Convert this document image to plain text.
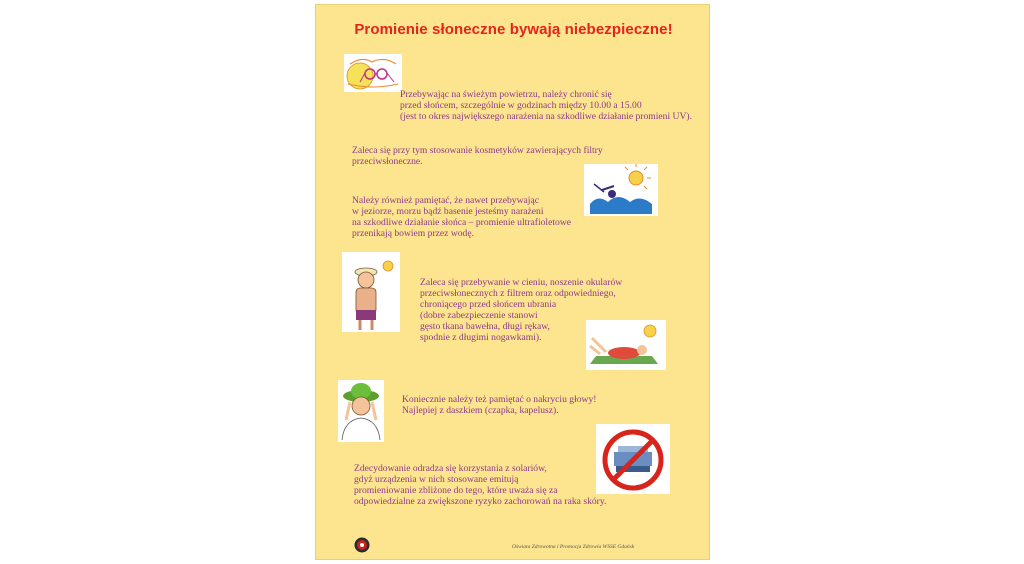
Promienie słoneczne bywają niebezpieczne!
Przebywając na świeżym powietrzu, należy chronić się
przed słońcem, szczególnie w godzinach między 10.00 a 15.00
(jest to okres największego narażenia na szkodliwe działanie promieni UV).
Zaleca się przy tym stosowanie kosmetyków zawierających filtry
przeciwsłoneczne.
Należy również pamiętać, że nawet przebywając
w jeziorze, morzu bądź basenie jesteśmy narażeni
na szkodliwe działanie słońca – promienie ultrafioletowe
przenikają bowiem przez wodę.
Zaleca się przebywanie w cieniu, noszenie okularów
przeciwsłonecznych z filtrem oraz odpowiedniego,
chroniącego przed słońcem ubrania
(dobre zabezpieczenie stanowi
gęsto tkana bawełna, długi rękaw,
spodnie z długimi nogawkami).
Koniecznie należy też pamiętać o nakryciu głowy!
Najlepiej z daszkiem (czapka, kapelusz).
Zdecydowanie odradza się korzystania z solariów,
gdyż urządzenia w nich stosowane emitują
promieniowanie zbliżone do tego, które uważa się za
odpowiedzialne za zwiększone ryzyko zachorowań na raka skóry.
Oświata Zdrowotna i Promocja Zdrowia WSSE Gdańsk
